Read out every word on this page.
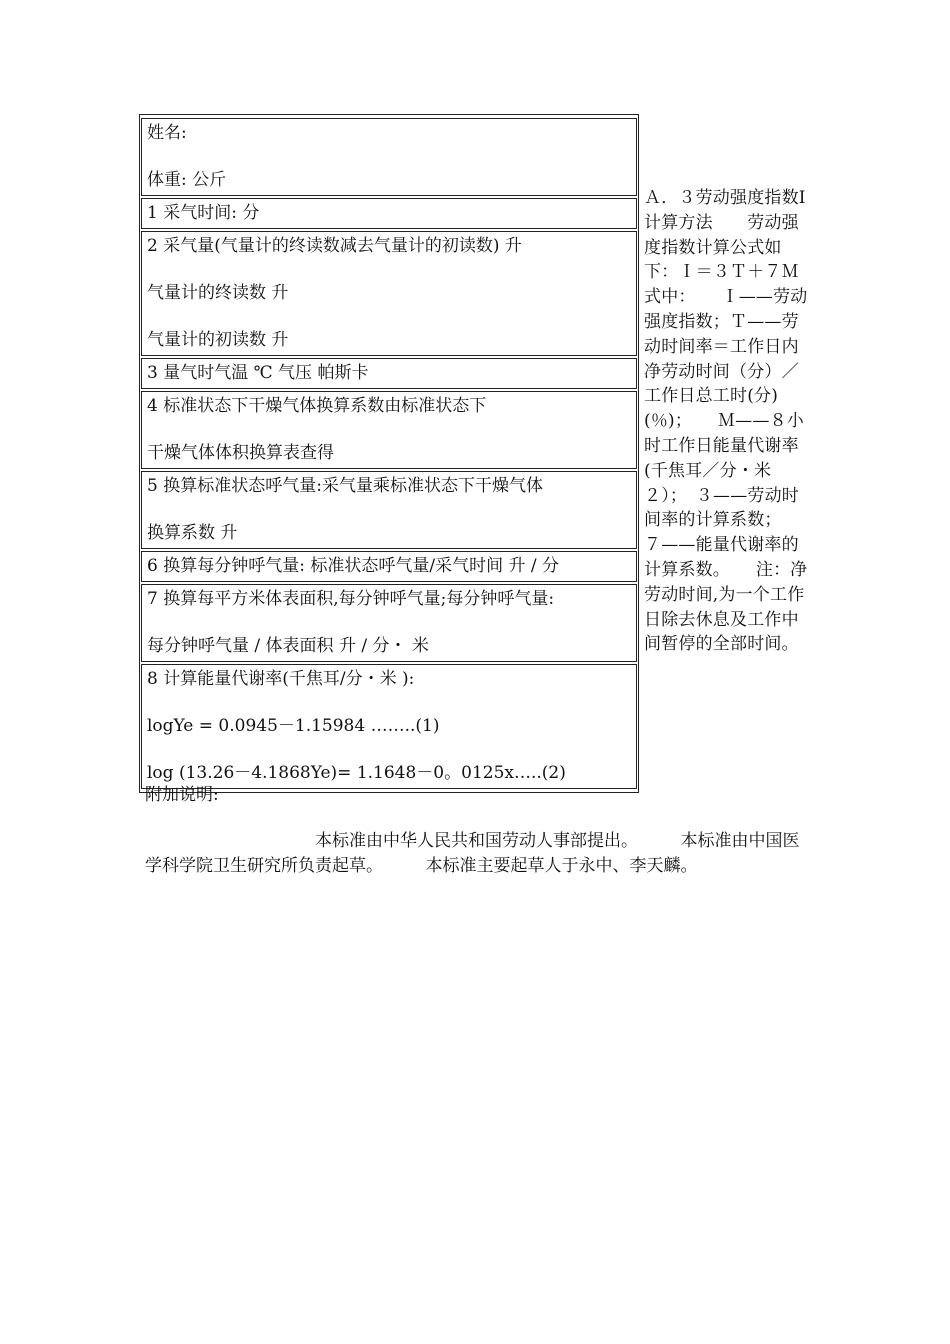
姓名:
体重: 公斤

1 采气时间: 分

2 采气量(气量计的终读数减去气量计的初读数) 升
气量计的终读数 升
气量计的初读数 升

3 量气时气温 ℃ 气压 帕斯卡

4 标准状态下干燥气体换算系数由标准状态下
干燥气体体积换算表查得

5 换算标准状态呼气量:采气量乘标准状态下干燥气体
换算系数 升

6 换算每分钟呼气量: 标准状态呼气量/采气时间 升 / 分

7 换算每平方米体表面积,每分钟呼气量;每分钟呼气量:
每分钟呼气量 / 体表面积 升 / 分・ 米

8 计算能量代谢率(千焦耳/分・米 ):
logYe = 0.0945－1.15984 ……..(1)
log (13.26－4.1868Ye)= 1.1648－0。0125x…..(2)
Ａ．３劳动强度指数Ⅰ计算方法　　劳动强度指数计算公式如下：Ｉ＝３Ｔ＋７Ｍ　　式中：　　Ｉ——劳动强度指数；Ｔ——劳动时间率＝工作日内净劳动时间（分）／工作日总工时(分)(％)；　　Ｍ——８小时工作日能量代谢率(千焦耳／分・米　２）；　３——劳动时间率的计算系数；　　７——能量代谢率的计算系数。　　注：净劳动时间,为一个工作日除去休息及工作中间暂停的全部时间。
附加说明:
　　　　　　　　　　本标准由中华人民共和国劳动人事部提出。　　　本标准由中国医学科学院卫生研究所负责起草。　　　本标准主要起草人于永中、李天麟。
